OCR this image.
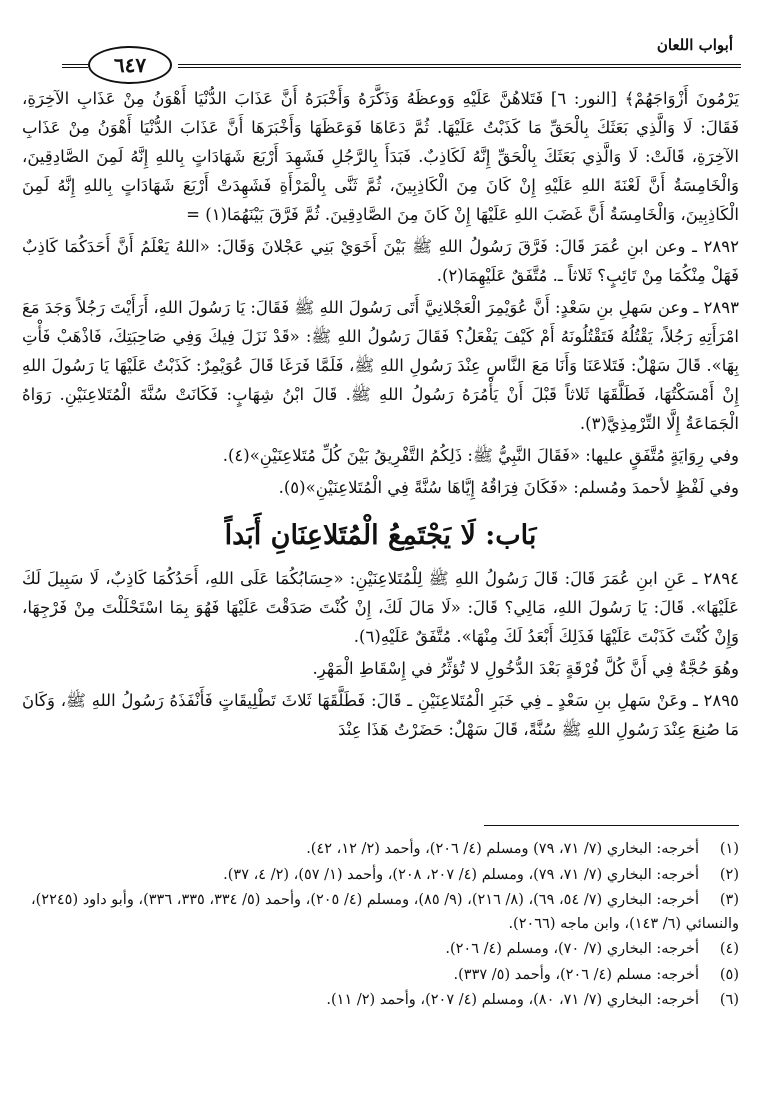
أبواب اللعان
٦٤٧

يَرْمُونَ أَزْوَاجَهُمْ﴾ [النور: ٦] فَتَلاهُنَّ عَلَيْهِ وَوعظَهُ وَذَكَّرَهُ وَأَخْبَرَهُ أَنَّ عَذَابَ الدُّنْيَا أَهْوَنُ مِنْ عَذَابِ الآخِرَةِ، فَقَالَ: لَا وَالَّذِي بَعَثَكَ بِالْحَقِّ مَا كَذَبْتُ عَلَيْهَا. ثُمَّ دَعَاهَا فَوَعَظَهَا وَأَخْبَرَهَا أَنَّ عَذَابَ الدُّنْيَا أَهْوَنُ مِنْ عَذَابِ الآخِرَةِ، قَالَتْ: لَا وَالَّذِي بَعَثَكَ بِالْحَقِّ إِنَّهُ لَكَاذِبٌ. فَبَدَأَ بِالرَّجُلِ فَشَهِدَ أَرْبَعَ شَهَادَاتٍ بِاللهِ إِنَّهُ لَمِنَ الصَّادِقِينَ، وَالْخَامِسَةُ أَنَّ لَعْنَةَ اللهِ عَلَيْهِ إِنْ كَانَ مِنَ الْكَاذِبِينَ، ثُمَّ ثَنَّى بِالْمَرْأَةِ فَشَهِدَتْ أَرْبَعَ شَهَادَاتٍ بِاللهِ إِنَّهُ لَمِنَ الْكَاذِبِينَ، وَالْخَامِسَةُ أَنَّ غَضَبَ اللهِ عَلَيْهَا إِنْ كَانَ مِنَ الصَّادِقِينَ. ثُمَّ فَرَّقَ بَيْنَهُمَا(١) =

٢٨٩٢ ـ وعن ابنِ عُمَرَ قَالَ: فَرَّقَ رَسُولُ اللهِ ﷺ بَيْنَ أَخَوَيْ بَنِي عَجْلانَ وَقَالَ: «اللهُ يَعْلَمُ أَنَّ أَحَدَكُمَا كَاذِبٌ فَهَلْ مِنْكُمَا مِنْ تَائِبٍ؟ ثَلاثاً ـ. مُتَّفَقٌ عَلَيْهِمَا(٢).

٢٨٩٣ ـ وعن سَهلِ بنِ سَعْدٍ: أَنَّ عُوَيْمِرَ الْعَجْلانِيَّ أَتَى رَسُولَ اللهِ ﷺ فَقَالَ: يَا رَسُولَ اللهِ، أَرَأَيْتَ رَجُلاً وَجَدَ مَعَ امْرَأَتِهِ رَجُلاً، يَقْتُلُهُ فَتَقْتُلُونَهُ أَمْ كَيْفَ يَفْعَلُ؟ فَقَالَ رَسُولُ اللهِ ﷺ: «قَدْ نَزَلَ فِيكَ وَفِي صَاحِبَتِكَ، فَاذْهَبْ فَأْتِ بِهَا». قَالَ سَهْلٌ: فَتَلاعَنَا وَأَنَا مَعَ النَّاسِ عِنْدَ رَسُولِ اللهِ ﷺ، فَلَمَّا فَرَغَا قَالَ عُوَيْمِرٌ: كَذَبْتُ عَلَيْهَا يَا رَسُولَ اللهِ إِنْ أَمْسَكْتُهَا، فَطَلَّقَهَا ثَلاثاً قَبْلَ أَنْ يَأْمُرَهُ رَسُولُ اللهِ ﷺ. قَالَ ابْنُ شِهَابٍ: فَكَانَتْ سُنَّةَ الْمُتَلاعِنَيْنِ. رَوَاهُ الْجَمَاعَةُ إِلَّا التِّرْمِذِيَّ(٣).

وفي رِوَايَةٍ مُتَّفَقٍ عليها: «فَقَالَ النَّبِيُّ ﷺ: ذَلِكُمُ التَّفْرِيقُ بَيْنَ كُلِّ مُتَلاعِنَيْنِ»(٤).

وفي لَفْظٍ لأحمدَ ومُسلم: «فَكَانَ فِرَاقُهُ إِيَّاهَا سُنَّةً فِي الْمُتَلاعِنَيْنِ»(٥).

بَاب: لَا يَجْتَمِعُ الْمُتَلاعِنَانِ أَبَداً

٢٨٩٤ ـ عَنِ ابنِ عُمَرَ قَالَ: قَالَ رَسُولُ اللهِ ﷺ لِلْمُتَلاعِنَيْنِ: «حِسَابُكُمَا عَلَى اللهِ، أَحَدُكُمَا كَاذِبٌ، لَا سَبِيلَ لَكَ عَلَيْهَا». قَالَ: يَا رَسُولَ اللهِ، مَالِي؟ قَالَ: «لَا مَالَ لَكَ، إِنْ كُنْتَ صَدَقْتَ عَلَيْهَا فَهُوَ بِمَا اسْتَحْلَلْتَ مِنْ فَرْجِهَا، وَإِنْ كُنْتَ كَذَبْتَ عَلَيْهَا فَذَلِكَ أَبْعَدُ لَكَ مِنْهَا». مُتَّفَقٌ عَلَيْهِ(٦).

وهُوَ حُجَّةٌ فِي أَنَّ كُلَّ فُرْقَةٍ بَعْدَ الدُّخُولِ لا تُؤثِّرُ في إِسْقَاطِ الْمَهْرِ.

٢٨٩٥ ـ وعَنْ سَهلِ بنِ سَعْدٍ ـ فِي خَبَرِ الْمُتَلاعِنَيْنِ ـ قَالَ: فَطَلَّقَهَا ثَلاثَ تَطْلِيقَاتٍ فَأَنْفَذَهُ رَسُولُ اللهِ ﷺ، وَكَانَ مَا صُنِعَ عِنْدَ رَسُولِ اللهِ ﷺ سُنَّةً، قَالَ سَهْلٌ: حَضَرْتُ هَذَا عِنْدَ

(١)أخرجه: البخاري (٧/ ٧١، ٧٩) ومسلم (٤/ ٢٠٦)، وأحمد (٢/ ١٢، ٤٢).
(٢)أخرجه: البخاري (٧/ ٧١، ٧٩)، ومسلم (٤/ ٢٠٧، ٢٠٨)، وأحمد (١/ ٥٧)، (٢/ ٤، ٣٧).
(٣)أخرجه: البخاري (٧/ ٥٤، ٦٩)، (٨/ ٢١٦)، (٩/ ٨٥)، ومسلم (٤/ ٢٠٥)، وأحمد (٥/ ٣٣٤، ٣٣٥، ٣٣٦)، وأبو داود (٢٢٤٥)، والنسائي (٦/ ١٤٣)، وابن ماجه (٢٠٦٦).
(٤)أخرجه: البخاري (٧/ ٧٠)، ومسلم (٤/ ٢٠٦).
(٥)أخرجه: مسلم (٤/ ٢٠٦)، وأحمد (٥/ ٣٣٧).
(٦)أخرجه: البخاري (٧/ ٧١، ٨٠)، ومسلم (٤/ ٢٠٧)، وأحمد (٢/ ١١).
